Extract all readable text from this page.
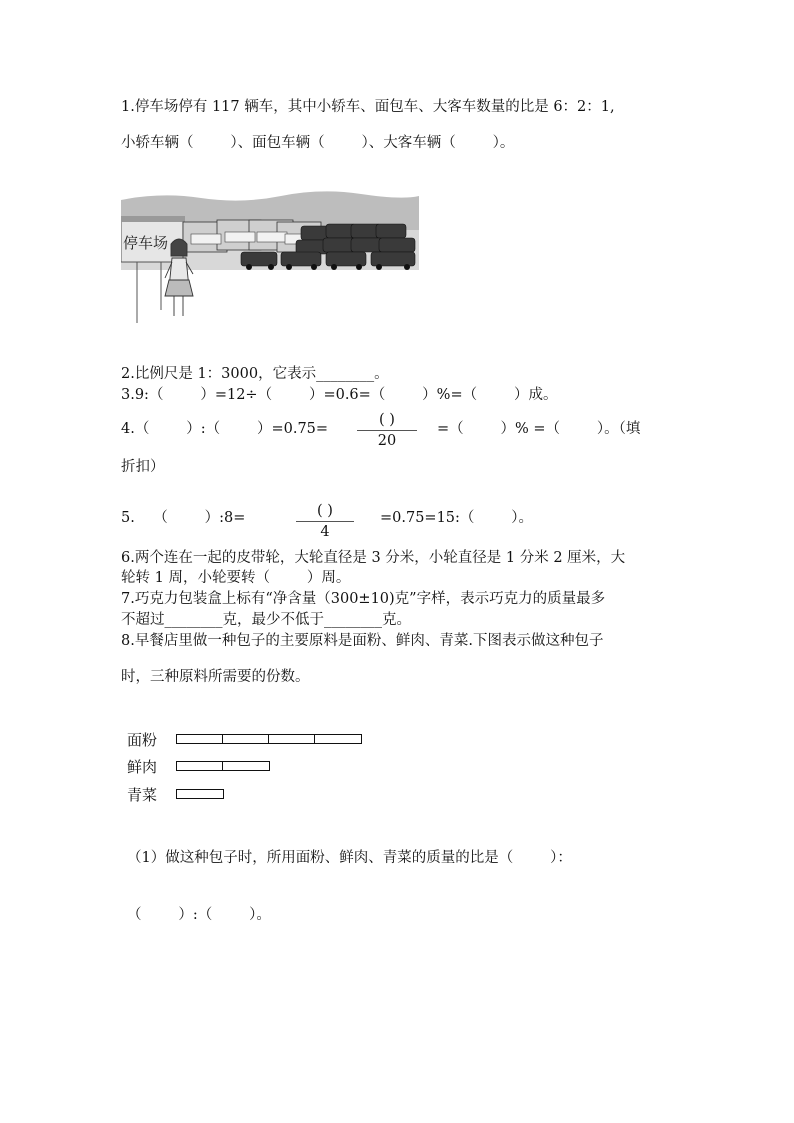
1.停车场停有 117 辆车，其中小轿车、面包车、大客车数量的比是 6：2：1,
小轿车辆（        ）、面包车辆（        ）、大客车辆（        ）。
停车场
2.比例尺是 1：3000，它表示________。
3.9:（        ）=12÷（        ）=0.6=（        ）%=（        ）成。
4.（        ）:（        ）=0.75=
( )
20
=（        ）% =（        ）。（填
折扣）
5.    （        ）:8=	( )
4
=0.75=15:（        ）。
6.两个连在一起的皮带轮，大轮直径是 3 分米，小轮直径是 1 分米 2 厘米，大
轮转 1 周，小轮要转（        ）周。
7.巧克力包装盒上标有“净含量（300±10)克”字样，表示巧克力的质量最多
不超过________克，最少不低于________克。
8.早餐店里做一种包子的主要原料是面粉、鲜肉、青菜.下图表示做这种包子
时，三种原料所需要的份数。
面粉
鲜肉
青菜
（1）做这种包子时，所用面粉、鲜肉、青菜的质量的比是（        ）：
（        ）:（        ）。
